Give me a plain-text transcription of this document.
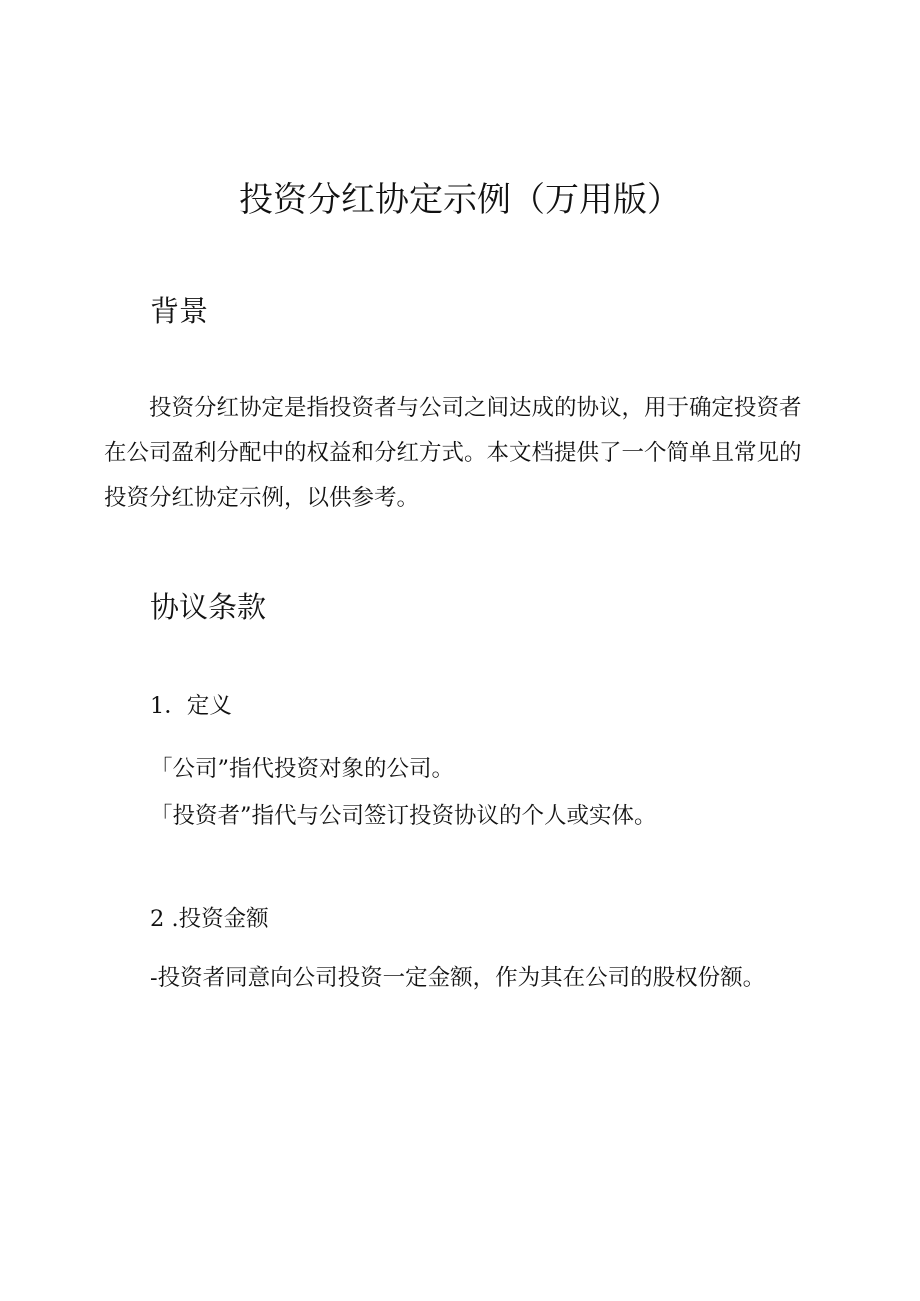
投资分红协定示例（万用版）
背景

投资分红协定是指投资者与公司之间达成的协议，用于确定投资者在公司盈利分配中的权益和分红方式。本文档提供了一个简单且常见的投资分红协定示例，以供参考。

协议条款
1．定义
「公司”指代投资对象的公司。
「投资者”指代与公司签订投资协议的个人或实体。
2 .投资金额
-投资者同意向公司投资一定金额，作为其在公司的股权份额。
